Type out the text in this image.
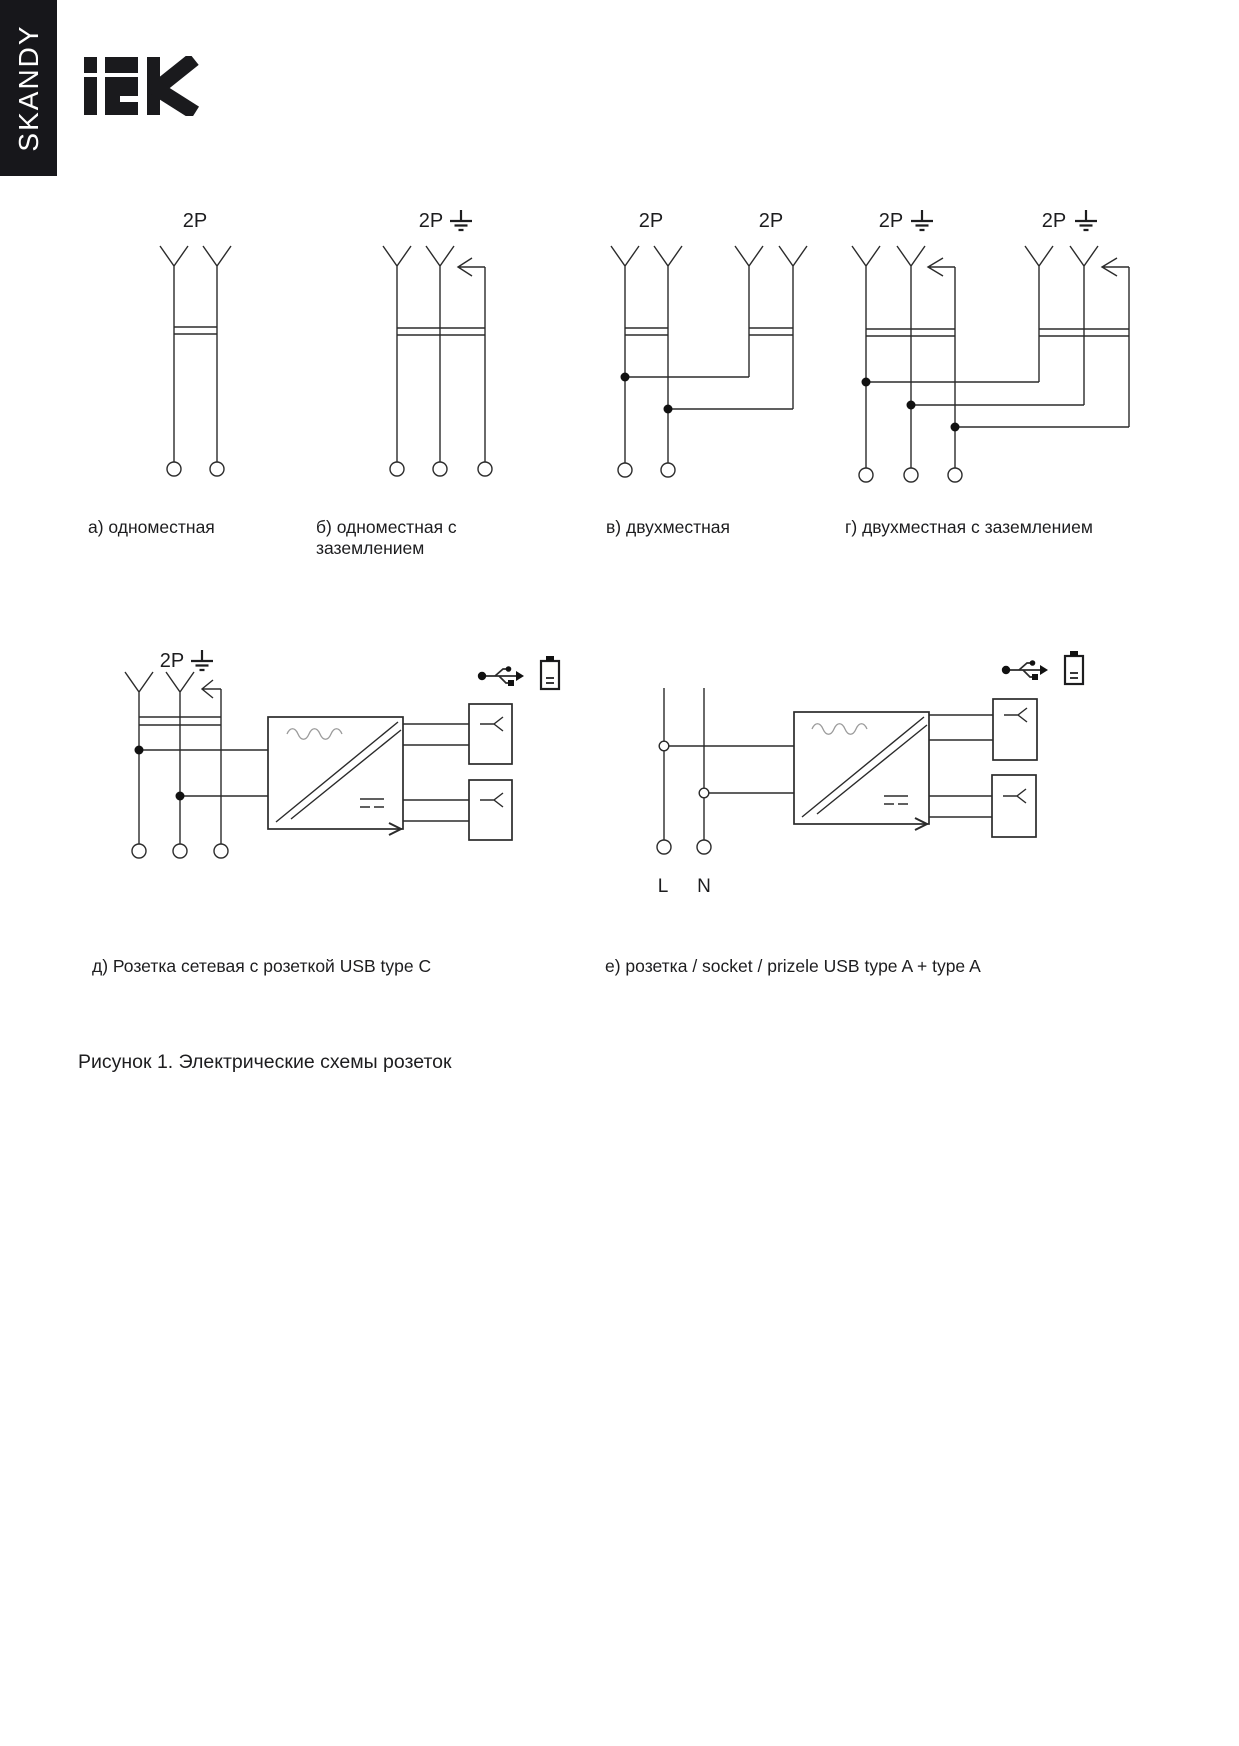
SKANDY
2P	2P	2P	2P	2P	2P
2P
L N
а) одноместная	б) одноместная с заземлением
в) двухместная	г) двухместная с заземлением
д) Розетка сетевая с розеткой USB type C	е) розетка / socket / prizele USB type A + type A
Рисунок 1. Электрические схемы розеток
